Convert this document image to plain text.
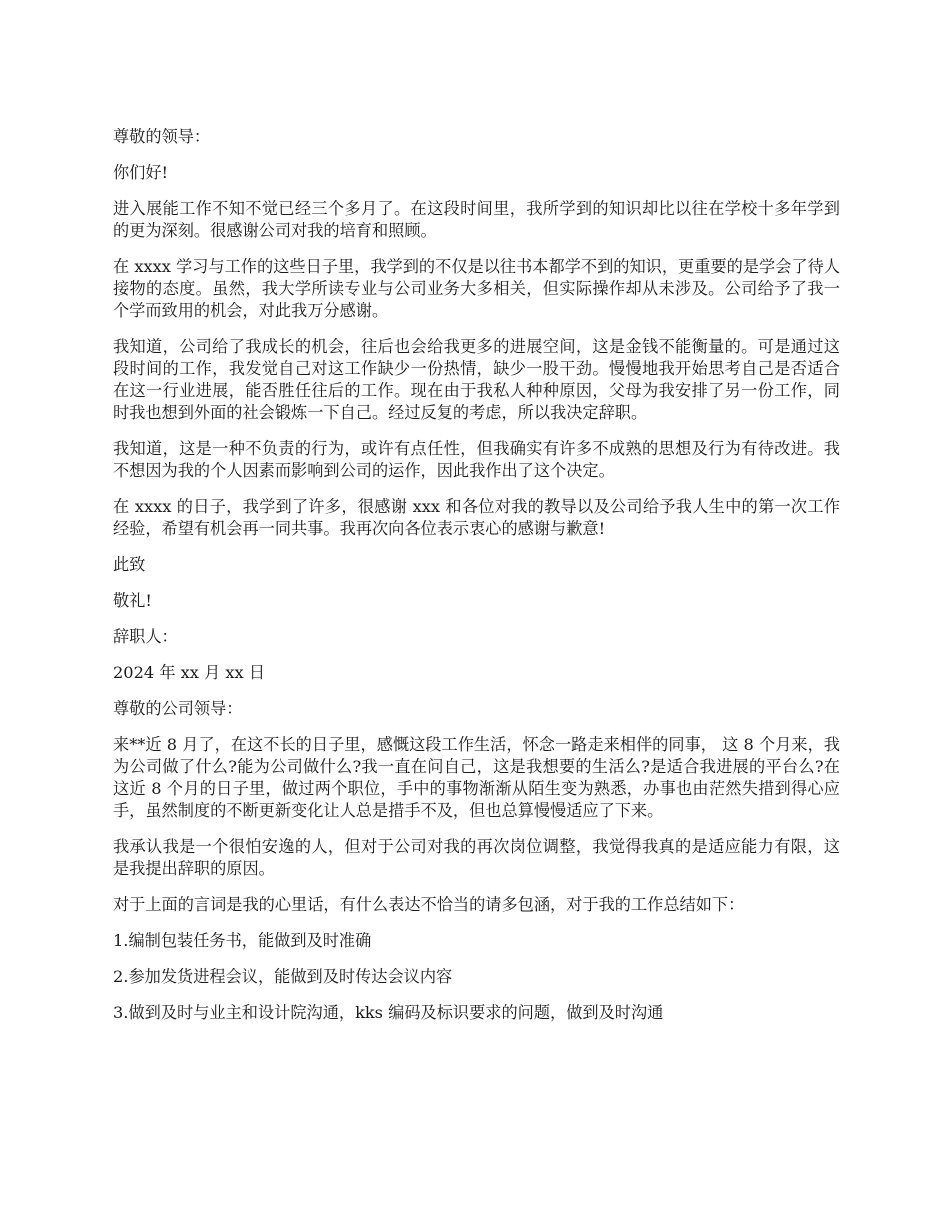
尊敬的领导：

你们好!

进入展能工作不知不觉已经三个多月了。在这段时间里，我所学到的知识却比以往在学校十多年学到的更为深刻。很感谢公司对我的培育和照顾。

在 xxxx 学习与工作的这些日子里，我学到的不仅是以往书本都学不到的知识，更重要的是学会了待人接物的态度。虽然，我大学所读专业与公司业务大多相关，但实际操作却从未涉及。公司给予了我一个学而致用的机会，对此我万分感谢。

我知道，公司给了我成长的机会，往后也会给我更多的进展空间，这是金钱不能衡量的。可是通过这段时间的工作，我发觉自己对这工作缺少一份热情，缺少一股干劲。慢慢地我开始思考自己是否适合在这一行业进展，能否胜任往后的工作。现在由于我私人种种原因，父母为我安排了另一份工作，同时我也想到外面的社会锻炼一下自己。经过反复的考虑，所以我决定辞职。

我知道，这是一种不负责的行为，或许有点任性，但我确实有许多不成熟的思想及行为有待改进。我不想因为我的个人因素而影响到公司的运作，因此我作出了这个决定。

在 xxxx 的日子，我学到了许多，很感谢 xxx 和各位对我的教导以及公司给予我人生中的第一次工作经验，希望有机会再一同共事。我再次向各位表示衷心的感谢与歉意!

此致

敬礼!

辞职人：

2024 年 xx 月 xx 日

尊敬的公司领导：

来**近 8 月了，在这不长的日子里，感慨这段工作生活，怀念一路走来相伴的同事， 这 8 个月来，我为公司做了什么?能为公司做什么?我一直在问自己，这是我想要的生活么?是适合我进展的平台么?在这近 8 个月的日子里，做过两个职位，手中的事物渐渐从陌生变为熟悉，办事也由茫然失措到得心应手，虽然制度的不断更新变化让人总是措手不及，但也总算慢慢适应了下来。

我承认我是一个很怕安逸的人，但对于公司对我的再次岗位调整，我觉得我真的是适应能力有限，这是我提出辞职的原因。

对于上面的言词是我的心里话，有什么表达不恰当的请多包涵，对于我的工作总结如下：

1.编制包装任务书，能做到及时准确

2.参加发货进程会议，能做到及时传达会议内容

3.做到及时与业主和设计院沟通，kks 编码及标识要求的问题，做到及时沟通
